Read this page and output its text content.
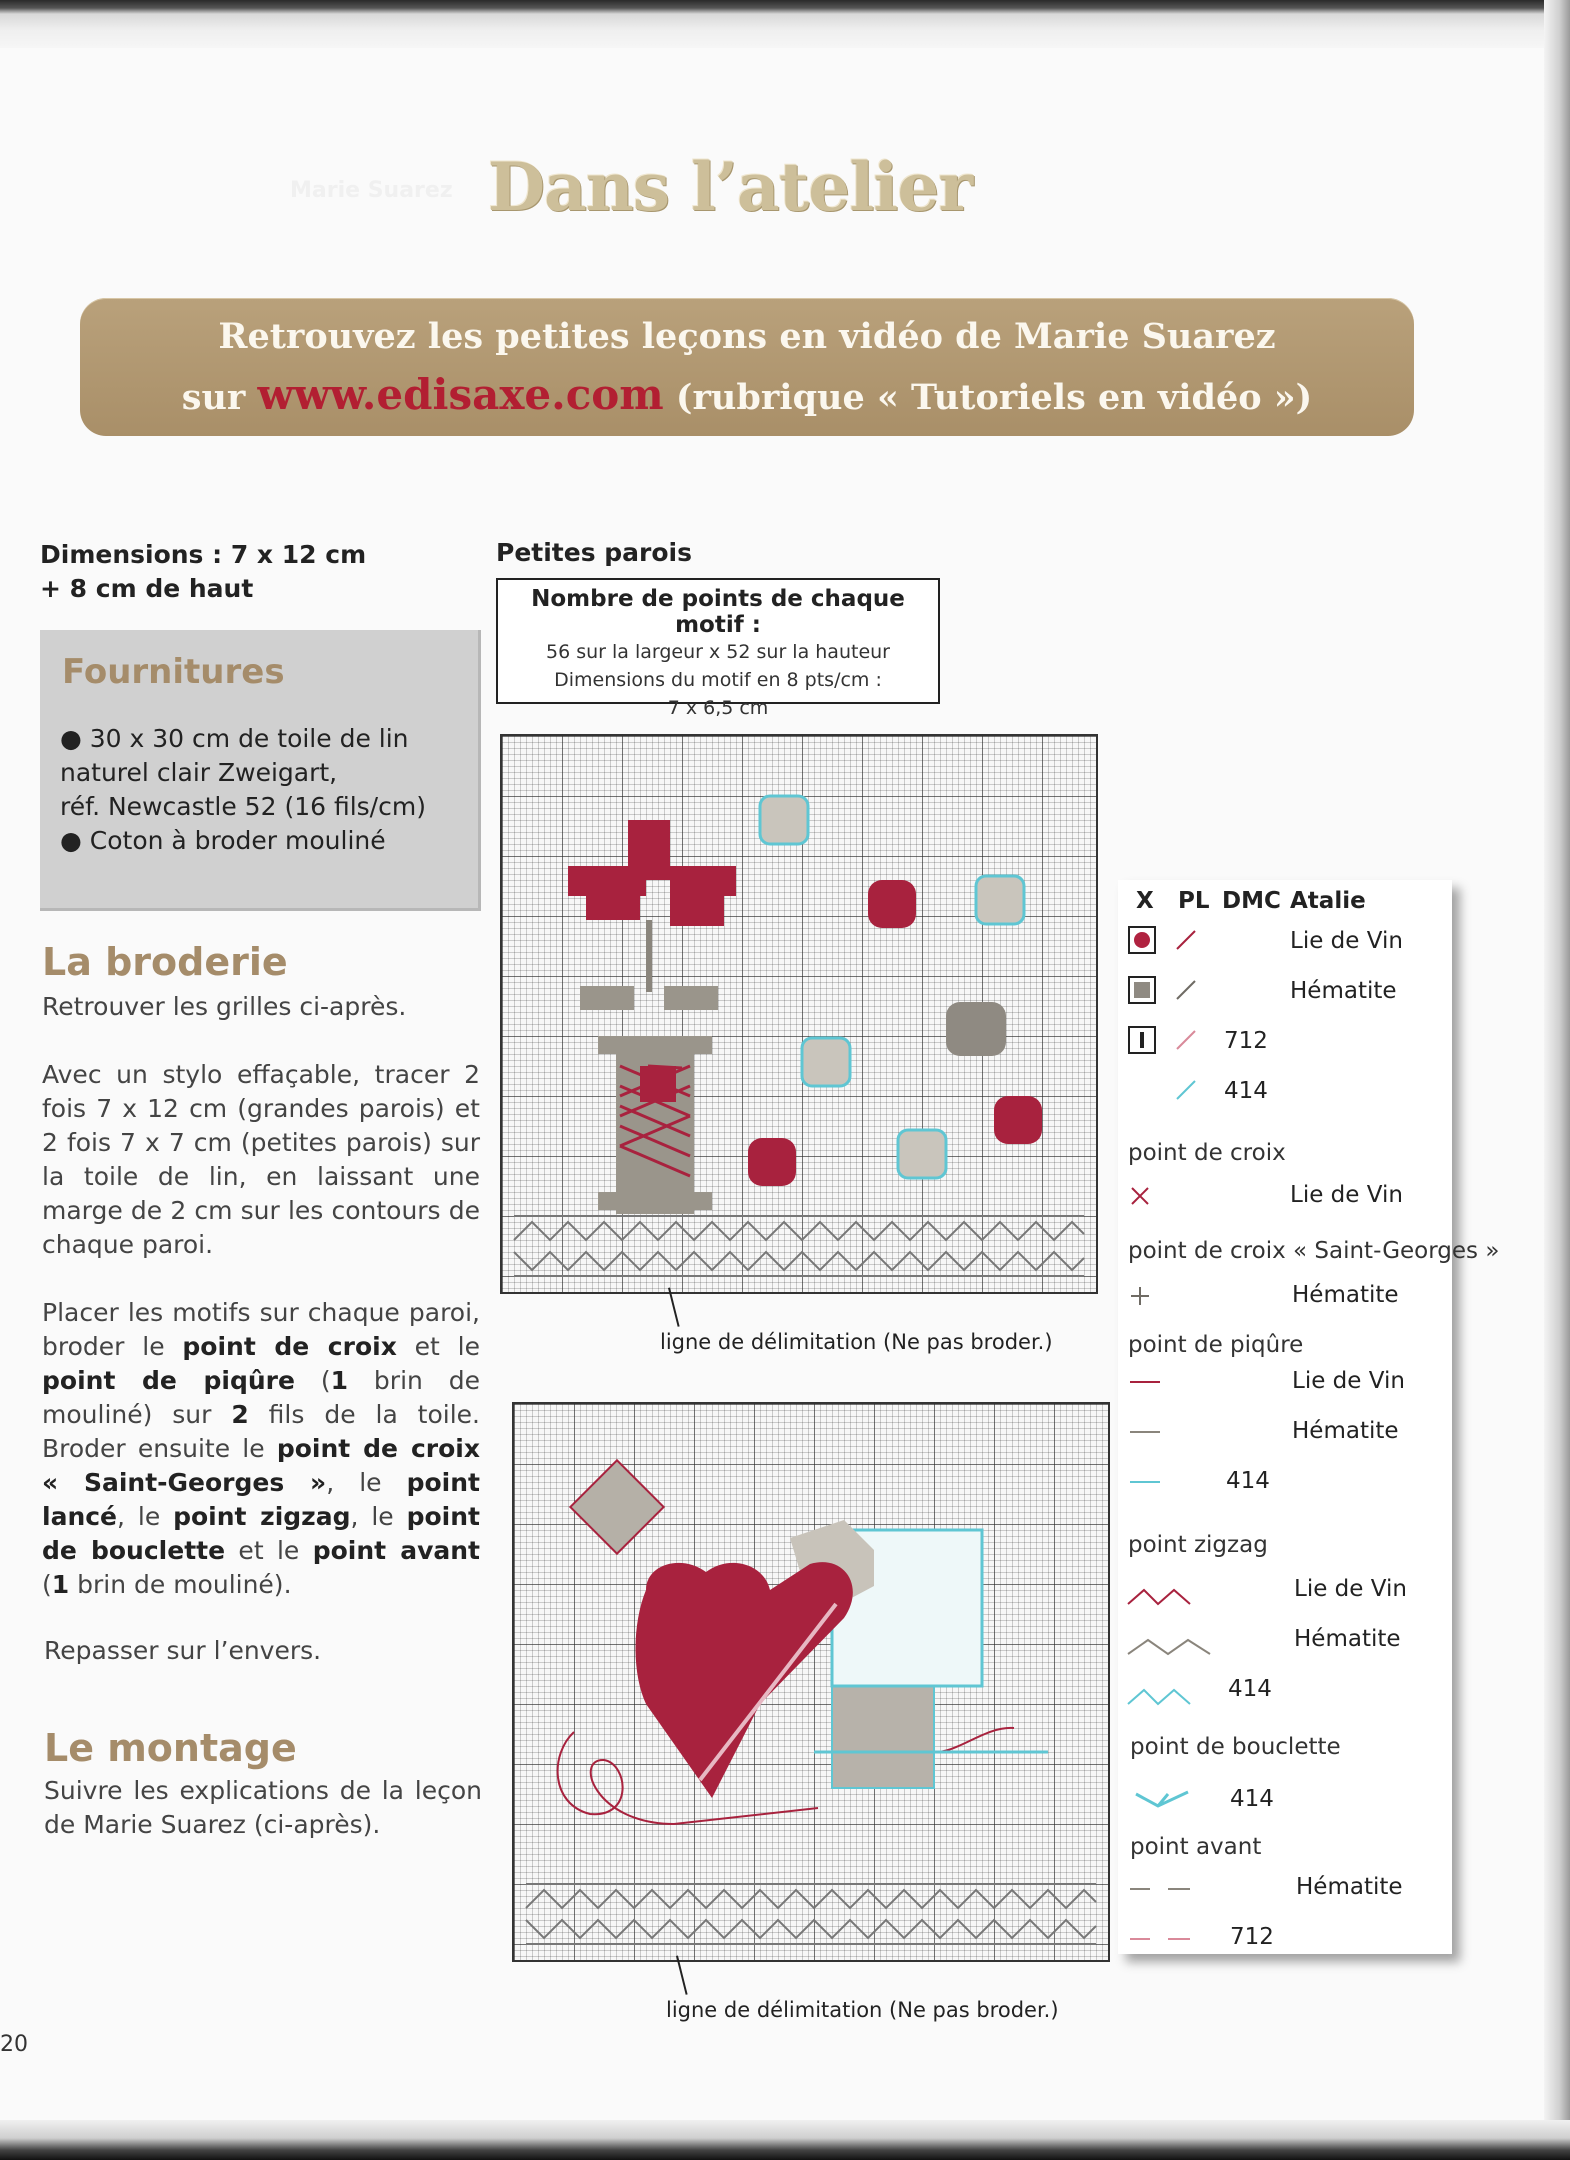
Marie Suarez Dans l’atelier
Retrouvez les petites leçons en vidéo de Marie Suarez
sur www.edisaxe.com (rubrique « Tutoriels en vidéo »)
Dimensions : 7 x 12 cm
+ 8 cm de haut
Fournitures
● 30 x 30 cm de toile de lin naturel clair Zweigart,
réf. Newcastle 52 (16 fils/cm)
● Coton à broder mouliné
La broderie
Retrouver les grilles ci-après.
Avec un stylo effaçable, tracer 2 fois 7 x 12 cm (grandes parois) et 2 fois 7 x 7 cm (petites parois) sur la toile de lin, en laissant une marge de 2 cm sur les contours de chaque paroi.
Placer les motifs sur chaque paroi, broder le point de croix et le point de piqûre (1 brin de mouliné) sur 2 fils de la toile. Broder ensuite le point de croix « Saint-Georges », le point lancé, le point zigzag, le point de bouclette et le point avant (1 brin de mouliné).
Repasser sur l’envers.
Le montage
Suivre les explications de la leçon de Marie Suarez (ci-après).
Petites parois
Nombre de points de chaque motif :
56 sur la largeur x 52 sur la hauteur
Dimensions du motif en 8 pts/cm :
7 x 6,5 cm
ligne de délimitation (Ne pas broder.)
ligne de délimitation (Ne pas broder.)
X PL DMC Atalie
Lie de Vin
Hématite
712
414
point de croix
Lie de Vin
point de croix « Saint-Georges »
Hématite
point de piqûre
Lie de Vin
Hématite
414
point zigzag
Lie de Vin
Hématite
414
point de bouclette
414
point avant
Hématite
712
20
